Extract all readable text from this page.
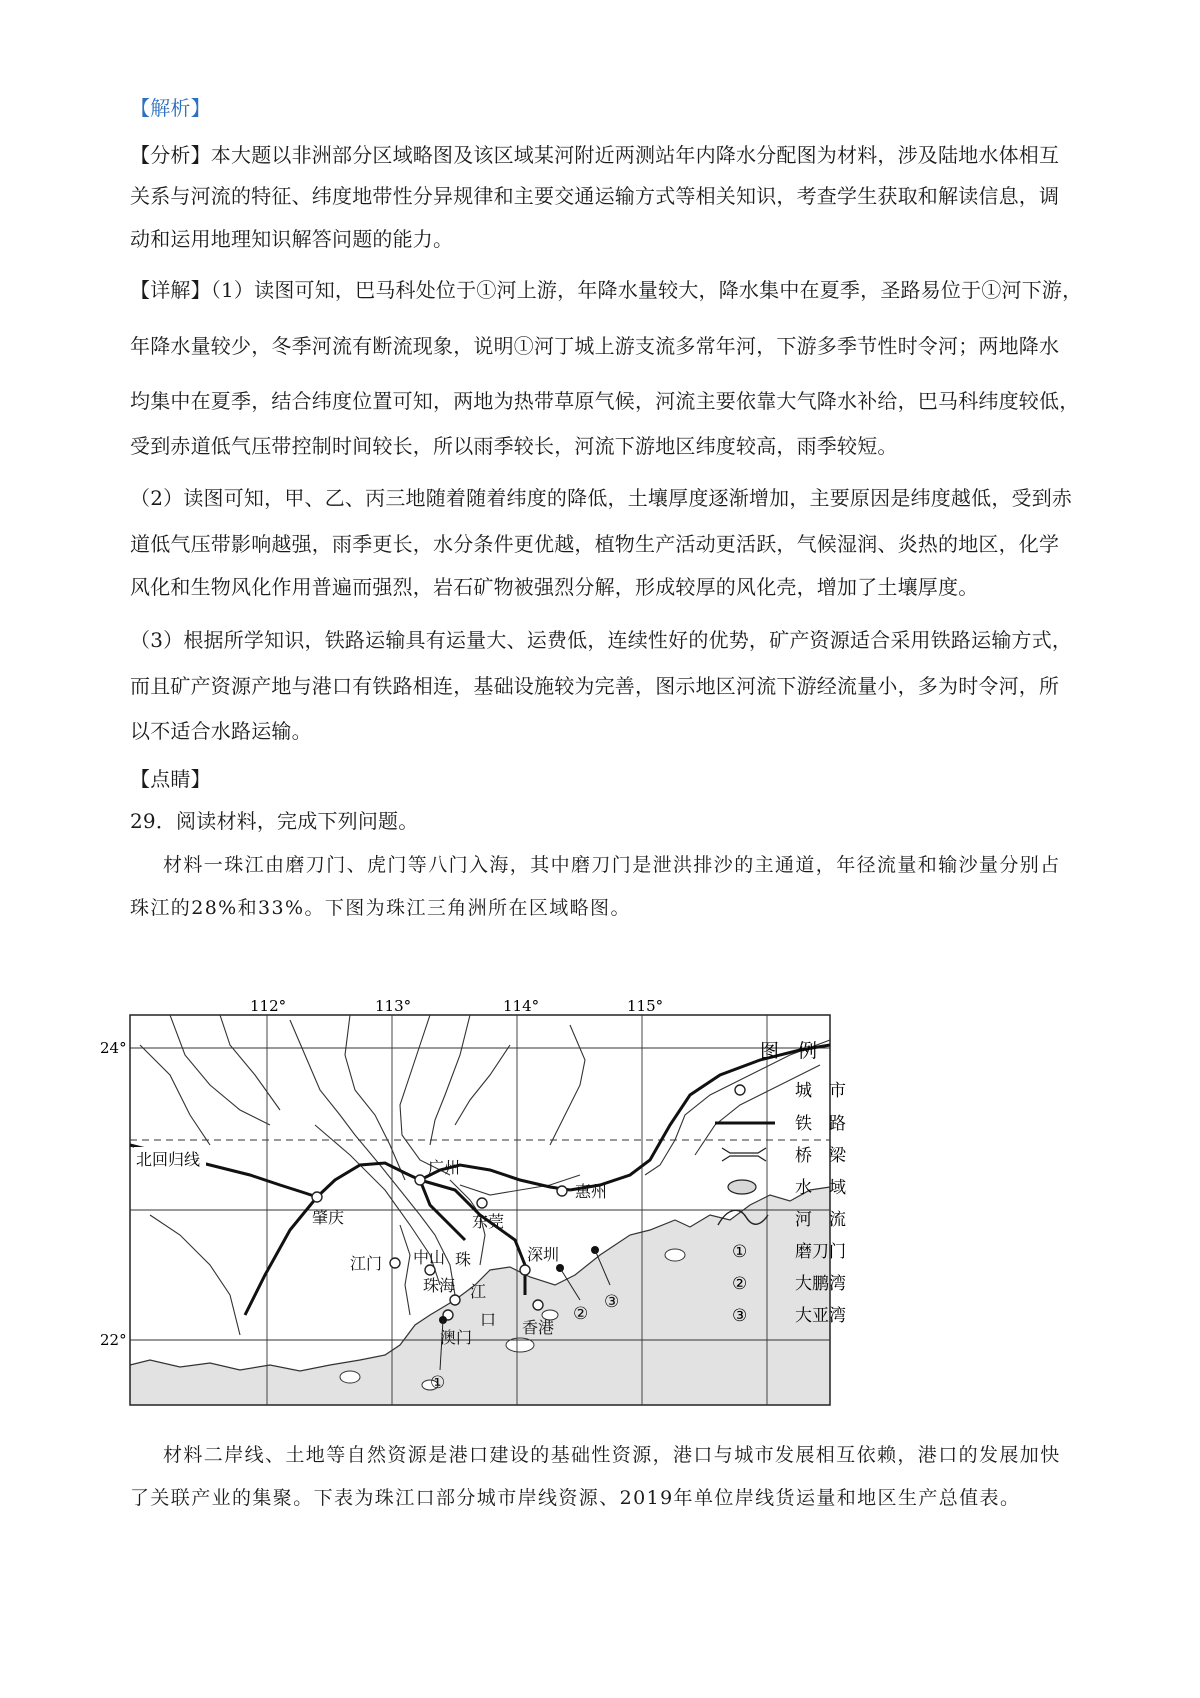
【解析】
【分析】本大题以非洲部分区域略图及该区域某河附近两测站年内降水分配图为材料，涉及陆地水体相互
关系与河流的特征、纬度地带性分异规律和主要交通运输方式等相关知识，考查学生获取和解读信息，调
动和运用地理知识解答问题的能力。
【详解】（1）读图可知，巴马科处位于①河上游，年降水量较大，降水集中在夏季，圣路易位于①河下游，
年降水量较少，冬季河流有断流现象，说明①河丁城上游支流多常年河，下游多季节性时令河；两地降水
均集中在夏季，结合纬度位置可知，两地为热带草原气候，河流主要依靠大气降水补给，巴马科纬度较低，
受到赤道低气压带控制时间较长，所以雨季较长，河流下游地区纬度较高，雨季较短。
（2）读图可知，甲、乙、丙三地随着随着纬度的降低，土壤厚度逐渐增加，主要原因是纬度越低，受到赤
道低气压带影响越强，雨季更长，水分条件更优越，植物生产活动更活跃，气候湿润、炎热的地区，化学
风化和生物风化作用普遍而强烈，岩石矿物被强烈分解，形成较厚的风化壳，增加了土壤厚度。
（3）根据所学知识，铁路运输具有运量大、运费低，连续性好的优势，矿产资源适合采用铁路运输方式，
而且矿产资源产地与港口有铁路相连，基础设施较为完善，图示地区河流下游经流量小，多为时令河，所
以不适合水路运输。
【点睛】
29．阅读材料，完成下列问题。
材料一珠江由磨刀门、虎门等八门入海，其中磨刀门是泄洪排沙的主通道，年径流量和输沙量分别占
珠江的28%和33%。下图为珠江三角洲所在区域略图。
112°	113°	114°	115°
24°
22°
北回归线	广州
肇庆	东莞
惠州
江门 中山
珠海
深圳
香港
澳门
珠
江
口
①
②
③
图　例
城　市
铁　路
桥　梁
水　域
河　流
①	磨刀门
②	大鹏湾
③	大亚湾
材料二岸线、土地等自然资源是港口建设的基础性资源，港口与城市发展相互依赖，港口的发展加快
了关联产业的集聚。下表为珠江口部分城市岸线资源、2019年单位岸线货运量和地区生产总值表。
